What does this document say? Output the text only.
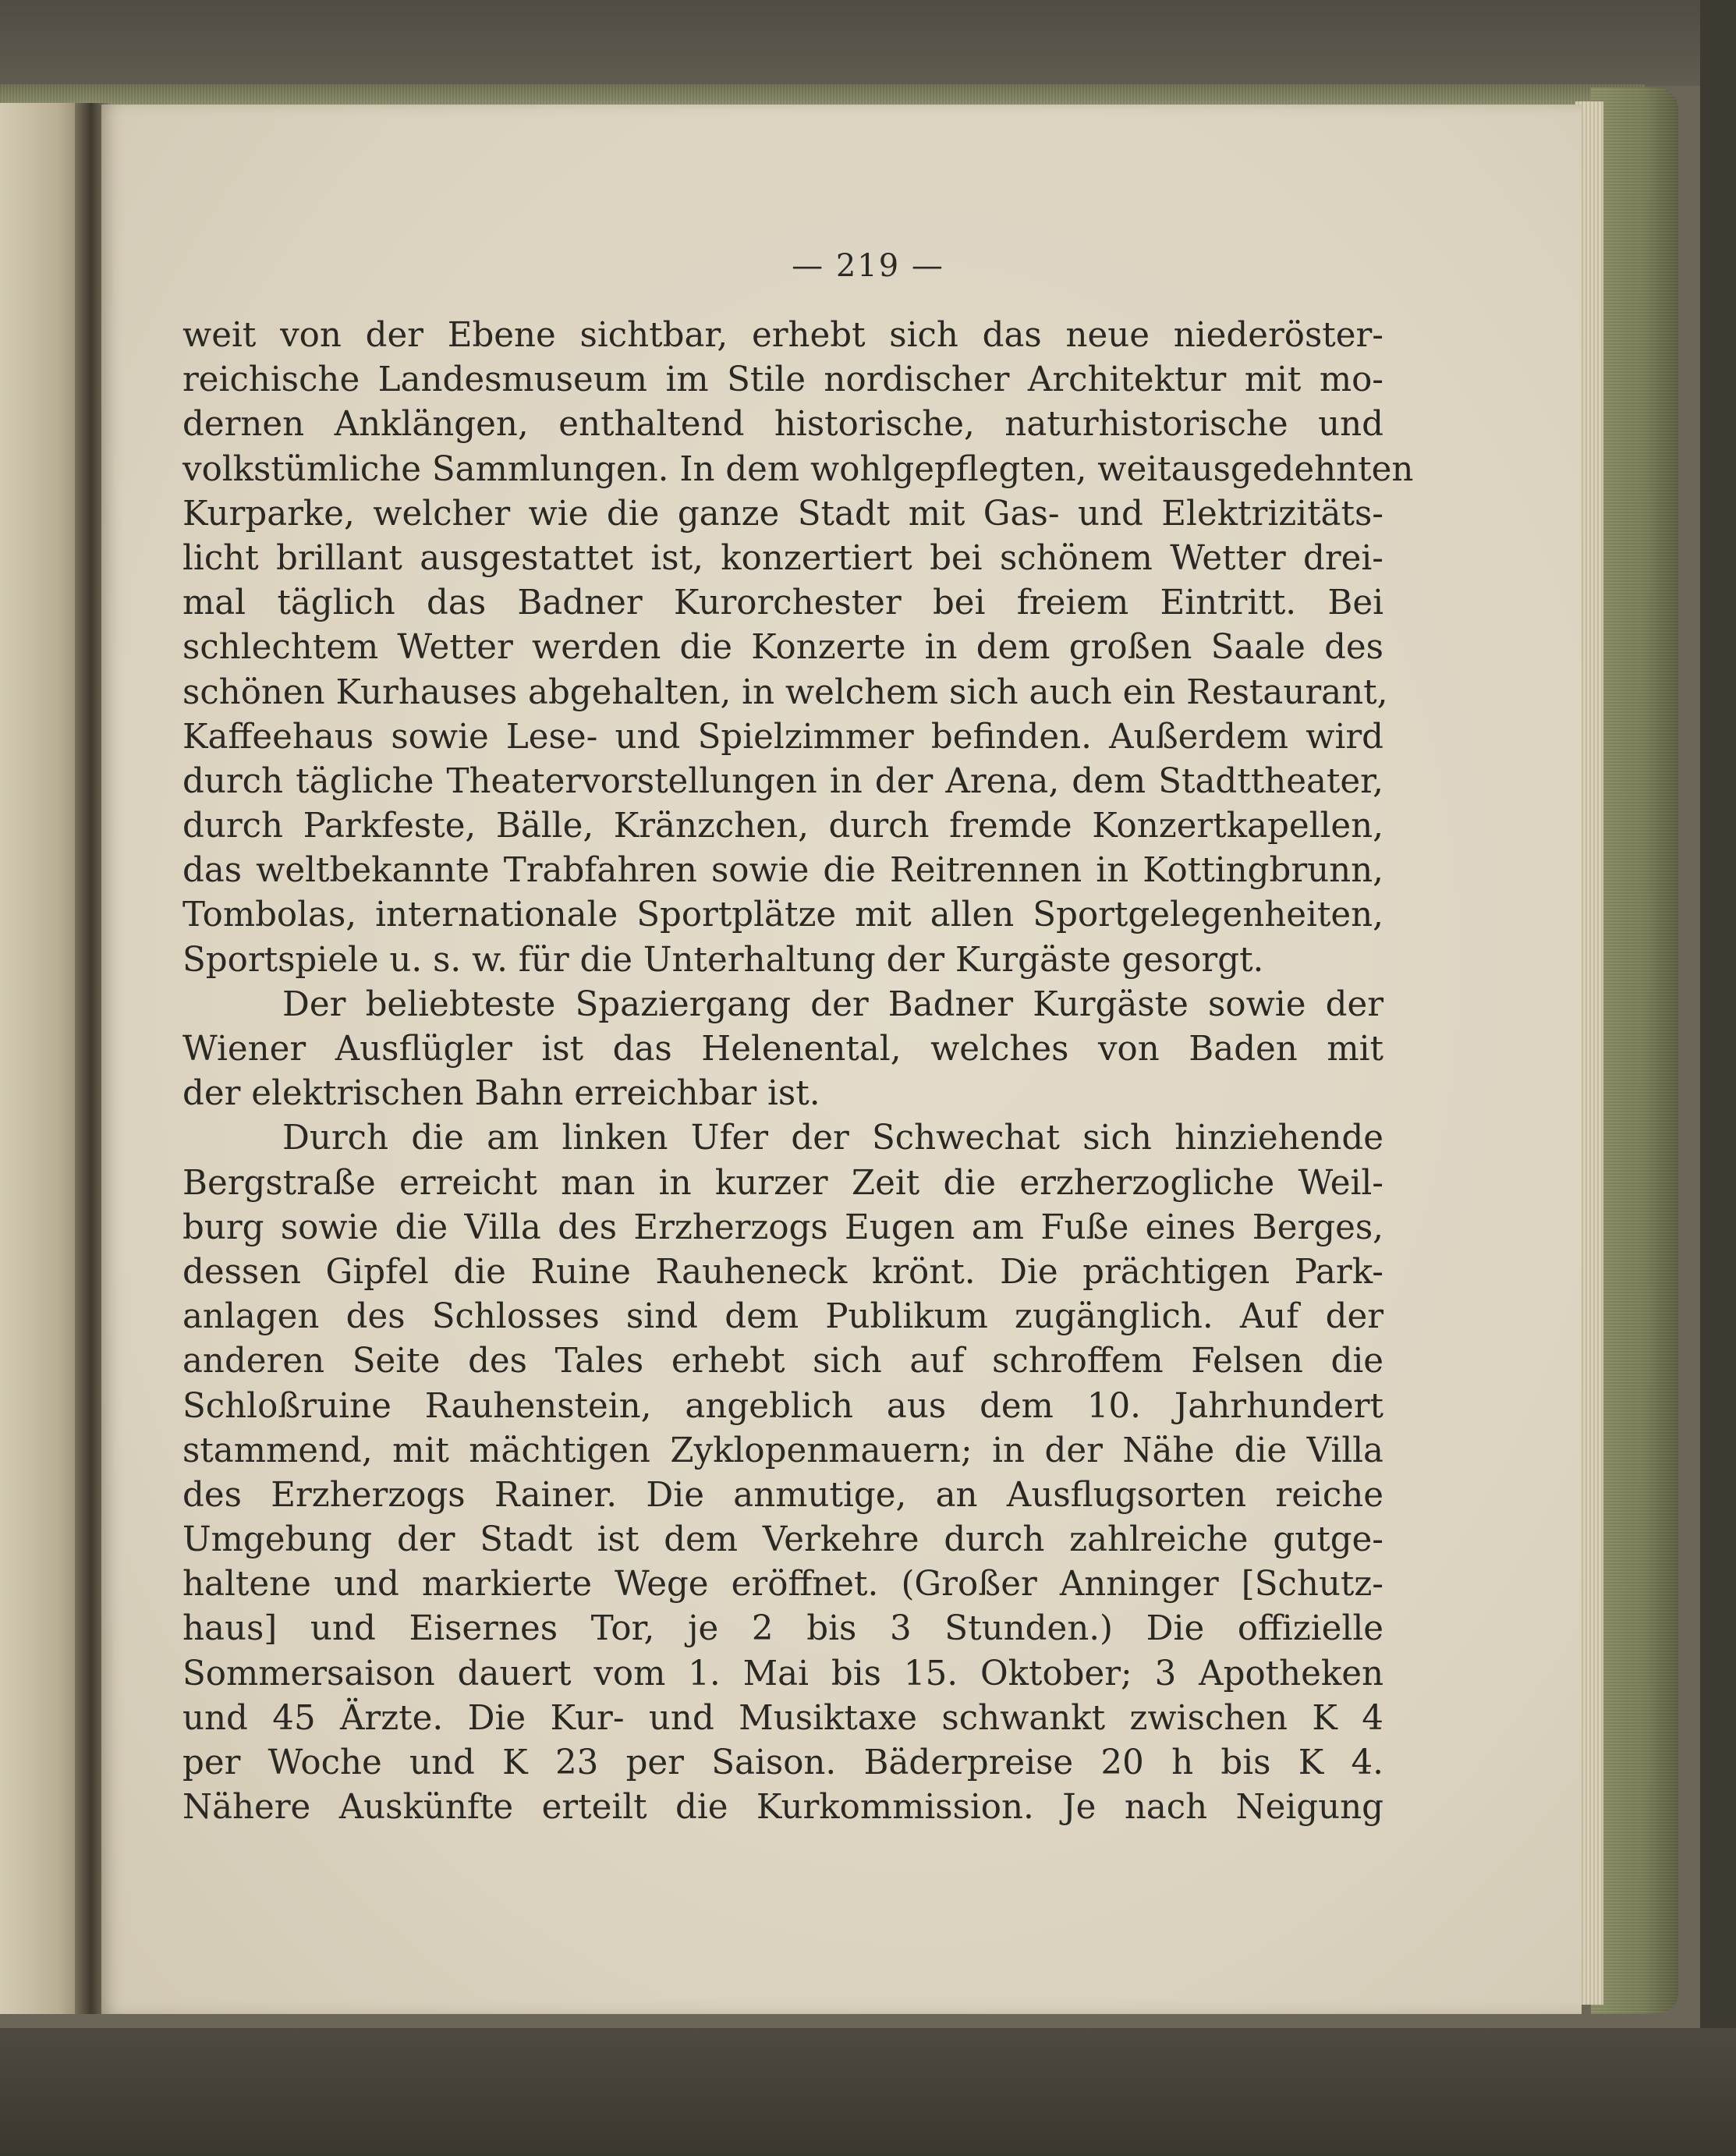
— 219 —
weit von der Ebene sichtbar, erhebt sich das neue niederöster-
reichische Landesmuseum im Stile nordischer Architektur mit mo-
dernen Anklängen, enthaltend historische, naturhistorische und
volkstümliche Sammlungen. In dem wohlgepflegten, weitausgedehnten
Kurparke, welcher wie die ganze Stadt mit Gas- und Elektrizitäts-
licht brillant ausgestattet ist, konzertiert bei schönem Wetter drei-
mal täglich das Badner Kurorchester bei freiem Eintritt. Bei
schlechtem Wetter werden die Konzerte in dem großen Saale des
schönen Kurhauses abgehalten, in welchem sich auch ein Restaurant,
Kaffeehaus sowie Lese- und Spielzimmer befinden. Außerdem wird
durch tägliche Theatervorstellungen in der Arena, dem Stadttheater,
durch Parkfeste, Bälle, Kränzchen, durch fremde Konzertkapellen,
das weltbekannte Trabfahren sowie die Reitrennen in Kottingbrunn,
Tombolas, internationale Sportplätze mit allen Sportgelegenheiten,
Sportspiele u. s. w. für die Unterhaltung der Kurgäste gesorgt.
Der beliebteste Spaziergang der Badner Kurgäste sowie der
Wiener Ausflügler ist das Helenental, welches von Baden mit
der elektrischen Bahn erreichbar ist.
Durch die am linken Ufer der Schwechat sich hinziehende
Bergstraße erreicht man in kurzer Zeit die erzherzogliche Weil-
burg sowie die Villa des Erzherzogs Eugen am Fuße eines Berges,
dessen Gipfel die Ruine Rauheneck krönt. Die prächtigen Park-
anlagen des Schlosses sind dem Publikum zugänglich. Auf der
anderen Seite des Tales erhebt sich auf schroffem Felsen die
Schloßruine Rauhenstein, angeblich aus dem 10. Jahrhundert
stammend, mit mächtigen Zyklopenmauern; in der Nähe die Villa
des Erzherzogs Rainer. Die anmutige, an Ausflugsorten reiche
Umgebung der Stadt ist dem Verkehre durch zahlreiche gutge-
haltene und markierte Wege eröffnet. (Großer Anninger [Schutz-
haus] und Eisernes Tor, je 2 bis 3 Stunden.) Die offizielle
Sommersaison dauert vom 1. Mai bis 15. Oktober; 3 Apotheken
und 45 Ärzte. Die Kur- und Musiktaxe schwankt zwischen K 4
per Woche und K 23 per Saison. Bäderpreise 20 h bis K 4.
Nähere Auskünfte erteilt die Kurkommission. Je nach Neigung
